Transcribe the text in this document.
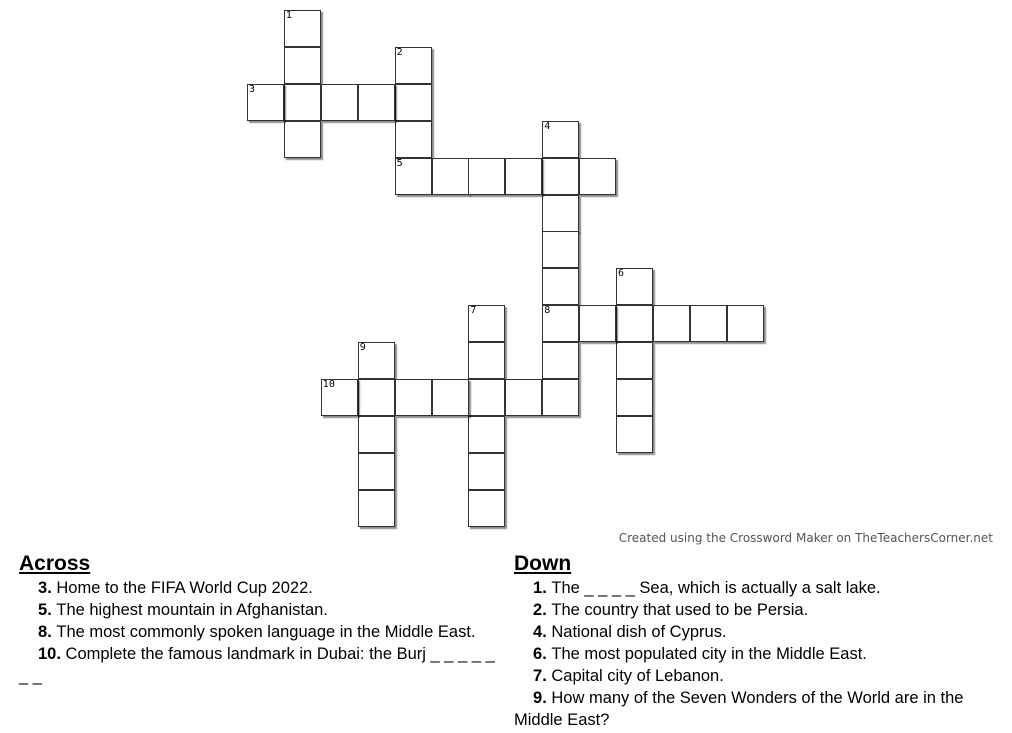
1
2
5
3
4
8
6
7
9
10
Created using the Crossword Maker on TheTeachersCorner.net
Across
3 . Home to the FIFA World Cup 2022.
5 . The highest mountain in Afghanistan.
8 . The most commonly spoken language in the Middle East.
10 . Complete the famous landmark in Dubai: the Burj _ _ _ _ _ _ _
Down
1 . The _ _ _ _ Sea, which is actually a salt lake.
2 . The country that used to be Persia.
4 . National dish of Cyprus.
6 . The most populated city in the Middle East.
7 . Capital city of Lebanon.
9 . How many of the Seven Wonders of the World are in the Middle East?
